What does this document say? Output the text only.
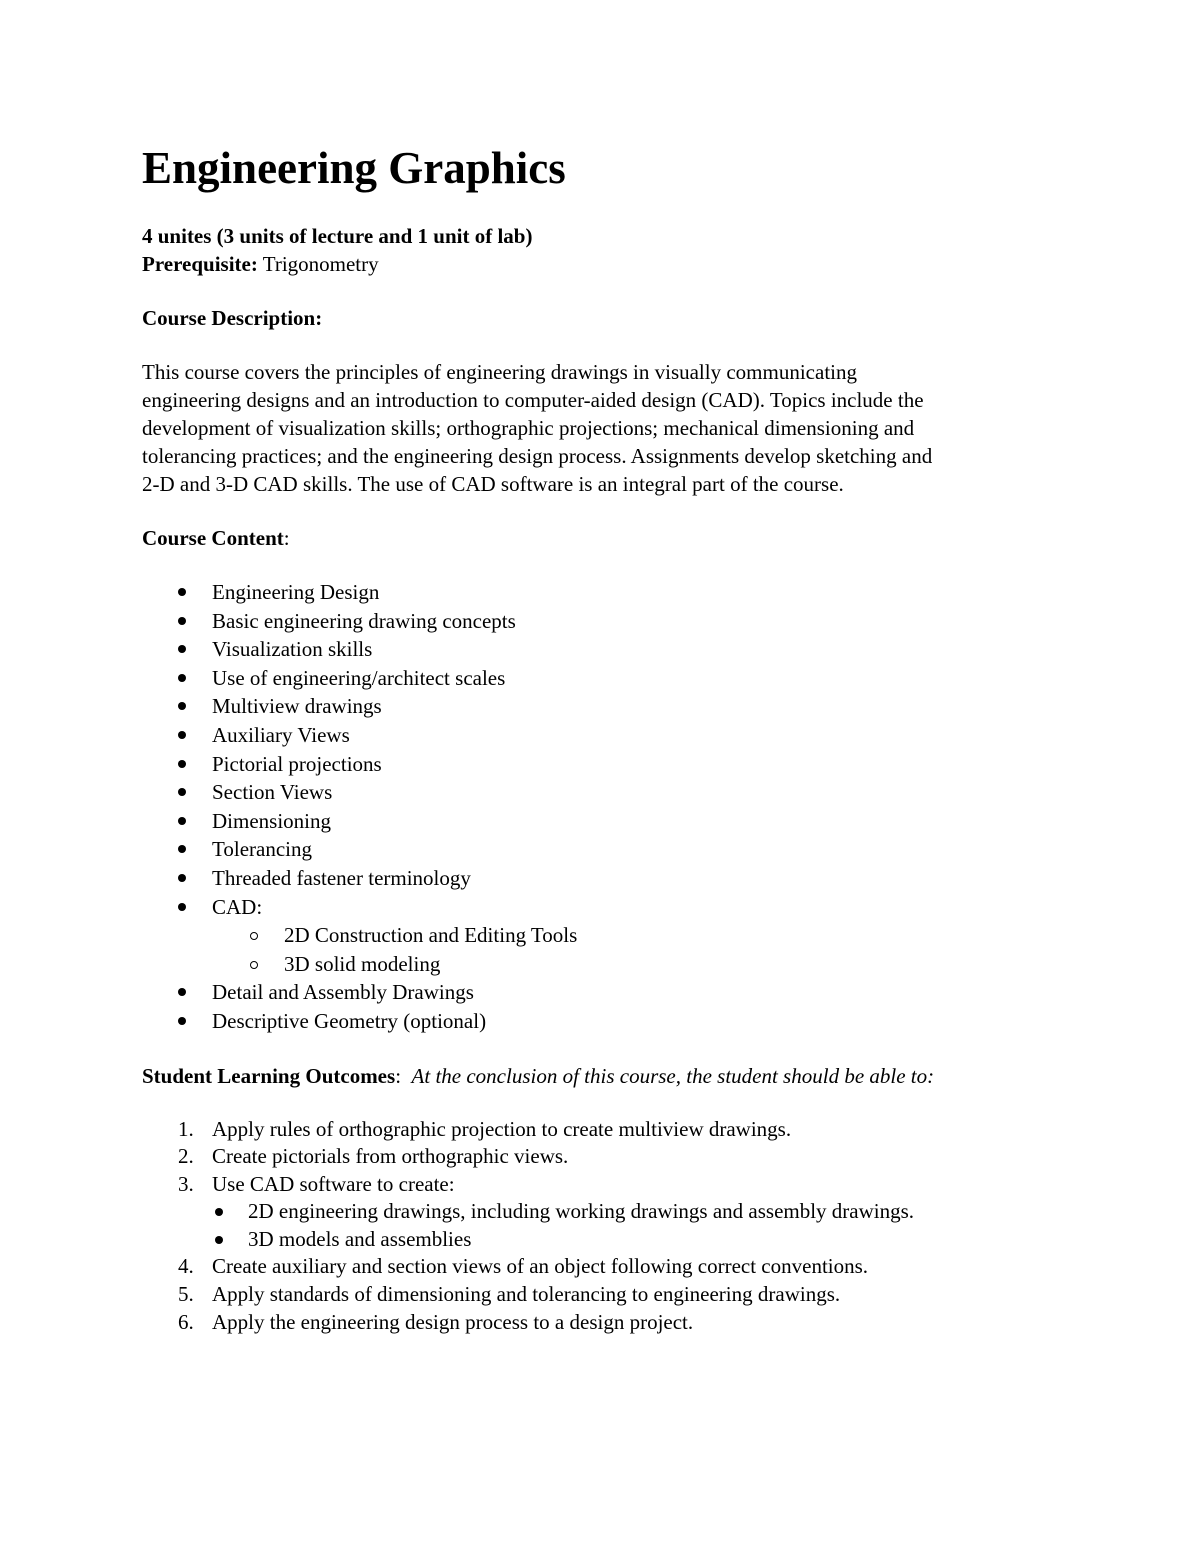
Engineering Graphics

4 unites (3 units of lecture and 1 unit of lab)

Prerequisite: Trigonometry

Course Description:

This course covers the principles of engineering drawings in visually communicating
engineering designs and an introduction to computer-aided design (CAD). Topics include the
development of visualization skills; orthographic projections; mechanical dimensioning and
tolerancing practices; and the engineering design process. Assignments develop sketching and
2-D and 3-D CAD skills. The use of CAD software is an integral part of the course.

Course Content:

Engineering Design
Basic engineering drawing concepts
Visualization skills
Use of engineering/architect scales
Multiview drawings
Auxiliary Views
Pictorial projections
Section Views
Dimensioning
Tolerancing
Threaded fastener terminology
CAD:
2D Construction and Editing Tools
3D solid modeling
Detail and Assembly Drawings
Descriptive Geometry (optional)

Student Learning Outcomes: At the conclusion of this course, the student should be able to:

1. Apply rules of orthographic projection to create multiview drawings.
2. Create pictorials from orthographic views.
3. Use CAD software to create:
2D engineering drawings, including working drawings and assembly drawings.
3D models and assemblies
4. Create auxiliary and section views of an object following correct conventions.
5. Apply standards of dimensioning and tolerancing to engineering drawings.
6. Apply the engineering design process to a design project.
